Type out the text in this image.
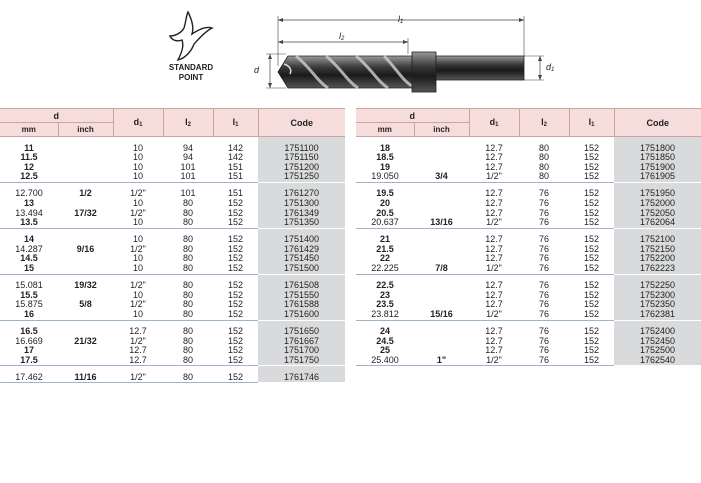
STANDARD
POINT
l1
l2
d	d1
d		d1	l2	l1	Code
mm	inch				

11		10	94	142	1751100
11.5		10	94	142	1751150
12		10	101	151	1751200
12.5		10	101	151	1751250

12.700	1/2	1/2"	101	151	1761270
13		10	80	152	1751300
13.494	17/32	1/2"	80	152	1761349
13.5		10	80	152	1751350

14		10	80	152	1751400
14.287	9/16	1/2"	80	152	1761429
14.5		10	80	152	1751450
15		10	80	152	1751500

15.081	19/32	1/2"	80	152	1761508
15.5		10	80	152	1751550
15.875	5/8	1/2"	80	152	1761588
16		10	80	152	1751600

16.5		12.7	80	152	1751650
16.669	21/32	1/2"	80	152	1761667
17		12.7	80	152	1751700
17.5		12.7	80	152	1751750

17.462	11/16	1/2"	80	152	1761746
d		d1	l2	l1	Code
mm	inch				

18		12.7	80	152	1751800
18.5		12.7	80	152	1751850
19		12.7	80	152	1751900
19.050	3/4	1/2"	80	152	1761905

19.5		12.7	76	152	1751950
20		12.7	76	152	1752000
20.5		12.7	76	152	1752050
20.637	13/16	1/2"	76	152	1762064

21		12.7	76	152	1752100
21.5		12.7	76	152	1752150
22		12.7	76	152	1752200
22.225	7/8	1/2"	76	152	1762223

22.5		12.7	76	152	1752250
23		12.7	76	152	1752300
23.5		12.7	76	152	1752350
23.812	15/16	1/2"	76	152	1762381

24		12.7	76	152	1752400
24.5		12.7	76	152	1752450
25		12.7	76	152	1752500
25.400	1"	1/2"	76	152	1762540
